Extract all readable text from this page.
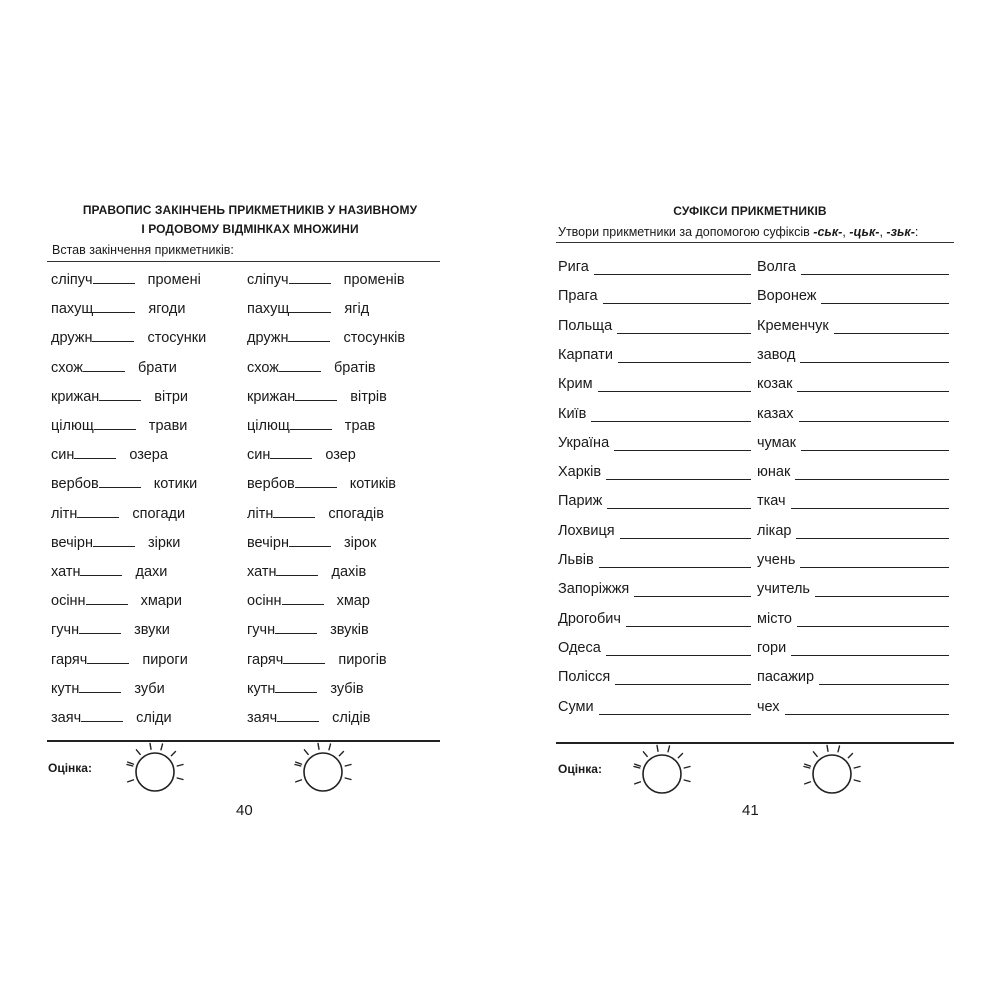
ПРАВОПИС ЗАКІНЧЕНЬ ПРИКМЕТНИКІВ У НАЗИВНОМУ
І РОДОВОМУ ВІДМІНКАХ МНОЖИНИ
Встав закінчення прикметників:
сліпуч	промені	сліпуч	променів
пахущ	ягоди	пахущ	ягід
дружн	стосунки	дружн	стосунків
схож	брати	схож	братів
крижан	вітри	крижан	вітрів
цілющ	трави	цілющ	трав
син	озера	син	озер
вербов	котики	вербов	котиків
літн	спогади	літн	спогадів
вечірн	зірки	вечірн	зірок
хатн	дахи	хатн	дахів
осінн	хмари	осінн	хмар
гучн	звуки	гучн	звуків
гаряч	пироги	гаряч	пирогів
кутн	зуби	кутн	зубів
заяч	сліди	заяч	слідів
Оцінка:
40
СУФІКСИ ПРИКМЕТНИКІВ
Утвори прикметники за допомогою суфіксів -ськ-, -цьк-, -зьк-:
Рига	Волга
Прага	Воронеж
Польща	Кременчук
Карпати	завод
Крим	козак
Київ	казах
Україна	чумак
Харків	юнак
Париж	ткач
Лохвиця	лікар
Львів	учень
Запоріжжя	учитель
Дрогобич	місто
Одеса	гори
Полісся	пасажир
Суми	чех
Оцінка:
41
